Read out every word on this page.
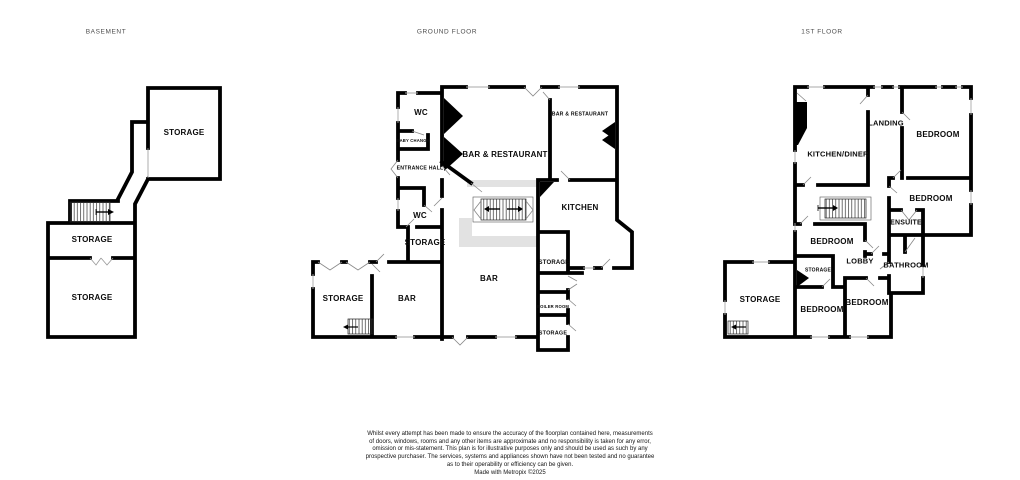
BASEMENT	GROUND FLOOR	1ST FLOOR
STORAGE
STORAGE
STORAGE
WC
BABY CHANGE
ENTRANCE HALL
WC
BAR & RESTAURANT
BAR & RESTAURANT
KITCHEN
STORAGE
STORAGE
BOILER ROOM
STORAGE
STORAGE	BAR
BAR
KITCHEN/DINER
LANDING
BEDROOM
BEDROOM
ENSUITE
BEDROOM
STORAGE
LOBBY BATHROOM
STORAGE
BEDROOM
BEDROOM
Whilst every attempt has been made to ensure the accuracy of the floorplan contained here, measurements
of doors, windows, rooms and any other items are approximate and no responsibility is taken for any error,
omission or mis-statement. This plan is for illustrative purposes only and should be used as such by any
prospective purchaser. The services, systems and appliances shown have not been tested and no guarantee
as to their operability or efficiency can be given.
Made with Metropix ©2025
